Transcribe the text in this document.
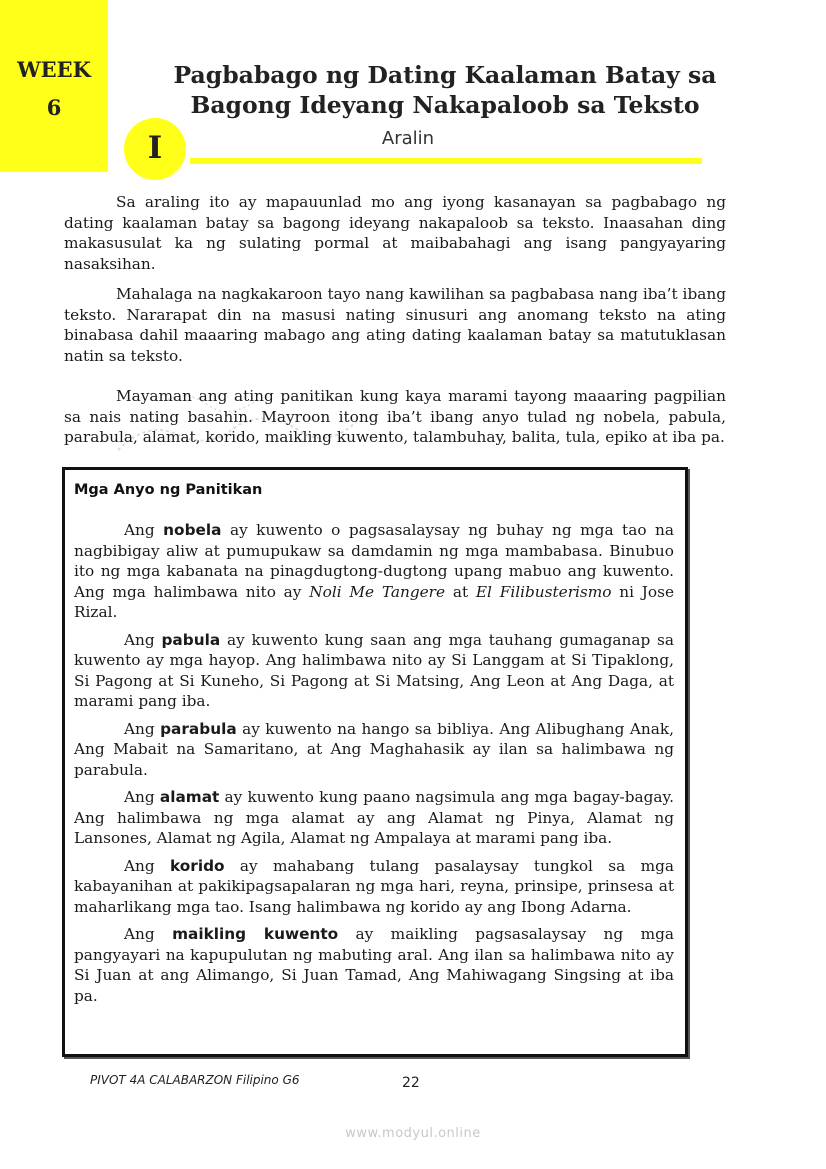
WEEK
6
Pagbabago ng Dating Kaalaman Batay sa
Bagong Ideyang Nakapaloob sa Teksto
I	Aralin

Sa araling ito ay mapauunlad mo ang iyong kasanayan sa pagbabago ng dating kaalaman batay sa bagong ideyang nakapaloob sa teksto. Inaasahan ding makasusulat ka ng sulating pormal at maibabahagi ang isang pangyayaring nasaksihan.

Mahalaga na nagkakaroon tayo nang kawilihan sa pagbabasa nang iba’t ibang teksto. Nararapat din na masusi nating sinusuri ang anomang teksto na ating binabasa dahil maaaring mabago ang ating dating kaalaman batay sa matutuklasan natin sa teksto.

Mayaman ang ating panitikan kung kaya marami tayong maaaring pagpilian sa nais nating basahin. Mayroon itong iba’t ibang anyo tulad ng nobela, pabula, parabula, alamat, korido, maikling kuwento, talambuhay, balita, tula, epiko at iba pa.

Mga Anyo ng Panitikan

Ang nobela ay kuwento o pagsasalaysay ng buhay ng mga tao na nagbibigay aliw at pumupukaw sa damdamin ng mga mambabasa. Binubuo ito ng mga kabanata na pinagdugtong-dugtong upang mabuo ang kuwento. Ang mga halimbawa nito ay Noli Me Tangere at El Filibusterismo ni Jose Rizal.

Ang pabula ay kuwento kung saan ang mga tauhang gumaganap sa kuwento ay mga hayop. Ang halimbawa nito ay Si Langgam at Si Tipaklong, Si Pagong at Si Kuneho, Si Pagong at Si Matsing, Ang Leon at Ang Daga, at marami pang iba.

Ang parabula ay kuwento na hango sa bibliya. Ang Alibughang Anak, Ang Mabait na Samaritano, at Ang Maghahasik ay ilan sa halimbawa ng parabula.

Ang alamat ay kuwento kung paano nagsimula ang mga bagay-bagay. Ang halimbawa ng mga alamat ay ang Alamat ng Pinya, Alamat ng Lansones, Alamat ng Agila, Alamat ng Ampalaya at marami pang iba.

Ang korido ay mahabang tulang pasalaysay tungkol sa mga kabayanihan at pakikipagsapalaran ng mga hari, reyna, prinsipe, prinsesa at maharlikang mga tao. Isang halimbawa ng korido ay ang Ibong Adarna.

Ang maikling kuwento ay maikling pagsasalaysay ng mga pangyayari na kapupulutan ng mabuting aral. Ang ilan sa halimbawa nito ay Si Juan at ang Alimango, Si Juan Tamad, Ang Mahiwagang Singsing at iba pa.

PIVOT 4A CALABARZON Filipino G6	22
www.modyul.online
